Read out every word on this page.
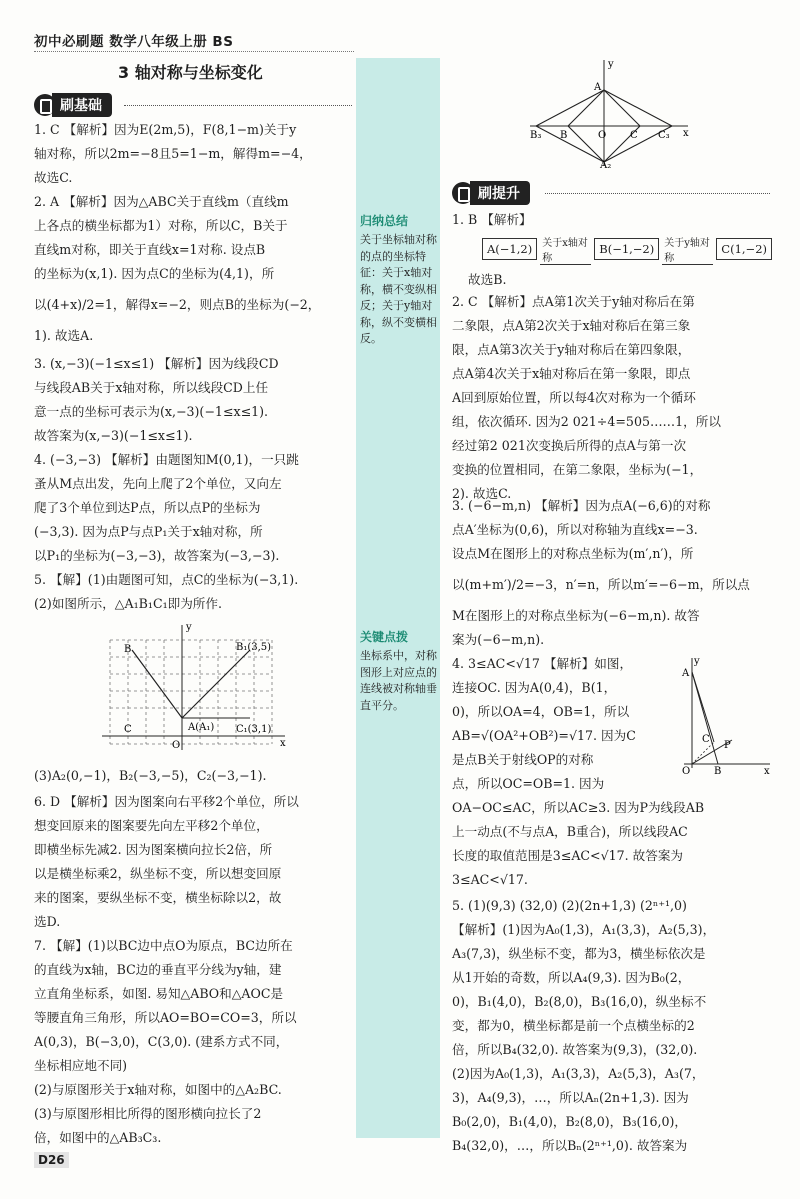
初中必刷题 数学八年级上册 BS
3 轴对称与坐标变化
归纳总结
关于坐标轴对称的点的坐标特征：关于x轴对称，横不变纵相反；关于y轴对称，纵不变横相反。
关键点拨
坐标系中，对称图形上对应点的连线被对称轴垂直平分。
刷基础
刷提升
1. C 【解析】因为E(2m,5)，F(8,1−m)关于y
轴对称，所以2m=−8且5=1−m，解得m=−4，
故选C.
2. A 【解析】因为△ABC关于直线m（直线m
上各点的横坐标都为1）对称，所以C，B关于
直线m对称，即关于直线x=1对称. 设点B
的坐标为(x,1). 因为点C的坐标为(4,1)，所
以(4+x)/2=1，解得x=−2，则点B的坐标为(−2，
1). 故选A.
3. (x,−3)(−1≤x≤1) 【解析】因为线段CD
与线段AB关于x轴对称，所以线段CD上任
意一点的坐标可表示为(x,−3)(−1≤x≤1).
故答案为(x,−3)(−1≤x≤1).
4. (−3,−3) 【解析】由题图知M(0,1)，一只跳
蚤从M点出发，先向上爬了2个单位，又向左
爬了3个单位到达P点，所以点P的坐标为
(−3,3). 因为点P与点P₁关于x轴对称，所
以P₁的坐标为(−3,−3)，故答案为(−3,−3).
5. 【解】(1)由题图可知，点C的坐标为(−3,1).
(2)如图所示，△A₁B₁C₁即为所作.
y
B	B₁(3,5)
C	A(A₁) C₁(3,1)
O	x
(3)A₂(0,−1)，B₂(−3,−5)，C₂(−3,−1).
6. D 【解析】因为图案向右平移2个单位，所以
想变回原来的图案要先向左平移2个单位，
即横坐标先减2. 因为图案横向拉长2倍，所
以是横坐标乘2，纵坐标不变，所以想变回原
来的图案，要纵坐标不变，横坐标除以2，故
选D.
7. 【解】(1)以BC边中点O为原点，BC边所在
的直线为x轴，BC边的垂直平分线为y轴，建
立直角坐标系，如图. 易知△ABO和△AOC是
等腰直角三角形，所以AO=BO=CO=3，所以
A(0,3)，B(−3,0)，C(3,0). (建系方式不同，
坐标相应地不同)
(2)与原图形关于x轴对称，如图中的△A₂BC.
(3)与原图形相比所得的图形横向拉长了2
倍，如图中的△AB₃C₃.
y
A
B₃ B	O C C₃ x
A₂
1. B 【解析】
A(−1,2)	关于x轴对称
B(−1,−2)	关于y轴对称
C(1,−2)
故选B.
2. C 【解析】点A第1次关于y轴对称后在第
二象限，点A第2次关于x轴对称后在第三象
限，点A第3次关于y轴对称后在第四象限，
点A第4次关于x轴对称后在第一象限，即点
A回到原始位置，所以每4次对称为一个循环
组，依次循环. 因为2 021÷4=505……1，所以
经过第2 021次变换后所得的点A与第一次
变换的位置相同，在第二象限，坐标为(−1，
2). 故选C.
3. (−6−m,n) 【解析】因为点A(−6,6)的对称
点A′坐标为(0,6)，所以对称轴为直线x=−3.
设点M在图形上的对称点坐标为(m′,n′)，所
以(m+m′)/2=−3，n′=n，所以m′=−6−m，所以点
M在图形上的对称点坐标为(−6−m,n). 故答
案为(−6−m,n).
4. 3≤AC<√17 【解析】如图，
连接OC. 因为A(0,4)，B(1，
0)，所以OA=4，OB=1，所以
AB=√(OA²+OB²)=√17. 因为C
是点B关于射线OP的对称
点，所以OC=OB=1. 因为
OA−OC≤AC，所以AC≥3. 因为P为线段AB
上一动点(不与点A，B重合)，所以线段AC
长度的取值范围是3≤AC<√17. 故答案为
3≤AC<√17.
y
A
C
P
O B	x
5. (1)(9,3) (32,0) (2)(2n+1,3) (2ⁿ⁺¹,0)
【解析】(1)因为A₀(1,3)，A₁(3,3)，A₂(5,3)，
A₃(7,3)，纵坐标不变，都为3，横坐标依次是
从1开始的奇数，所以A₄(9,3). 因为B₀(2，
0)，B₁(4,0)，B₂(8,0)，B₃(16,0)，纵坐标不
变，都为0，横坐标都是前一个点横坐标的2
倍，所以B₄(32,0). 故答案为(9,3)，(32,0).
(2)因为A₀(1,3)，A₁(3,3)，A₂(5,3)，A₃(7，
3)，A₄(9,3)，…，所以Aₙ(2n+1,3). 因为
B₀(2,0)，B₁(4,0)，B₂(8,0)，B₃(16,0)，
B₄(32,0)，…，所以Bₙ(2ⁿ⁺¹,0). 故答案为
D26
